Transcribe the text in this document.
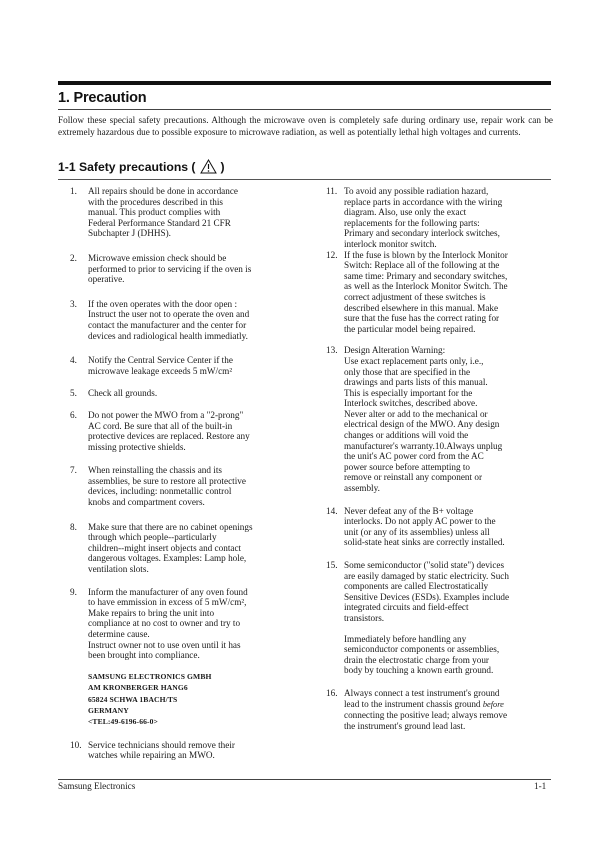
1. Precaution

Follow these special safety precautions. Although the microwave oven is completely safe during ordinary use, repair work can be extremely hazardous due to possible exposure to microwave radiation, as well as potentially lethal high voltages and currents.

1-1 Safety precautions ( )
1. All repairs should be done in accordance
with the procedures described in this
manual. This product complies with
Federal Performance Standard 21 CFR
Subchapter J (DHHS).
2. Microwave emission check should be
performed to prior to servicing if the oven is
operative.
3. If the oven operates with the door open :
Instruct the user not to operate the oven and
contact the manufacturer and the center for
devices and radiological health immediatly.
4. Notify the Central Service Center if the
microwave leakage exceeds 5 mW/cm²
5. Check all grounds.
6. Do not power the MWO from a "2-prong"
AC cord. Be sure that all of the built-in
protective devices are replaced. Restore any
missing protective shields.
7. When reinstalling the chassis and its
assemblies, be sure to restore all protective
devices, including: nonmetallic control
knobs and compartment covers.
8. Make sure that there are no cabinet openings
through which people--particularly
children--might insert objects and contact
dangerous voltages. Examples: Lamp hole,
ventilation slots.
9. Inform the manufacturer of any oven found
to have emmission in excess of 5 mW/cm²,
Make repairs to bring the unit into
compliance at no cost to owner and try to
determine cause.
Instruct owner not to use oven until it has
been brought into compliance.
SAMSUNG ELECTRONICS GMBH
AM KRONBERGER HANG6
65824 SCHWA 1BACH/TS
GERMANY
<TEL:49-6196-66-0>
10. Service technicians should remove their
watches while repairing an MWO.
11. To avoid any possible radiation hazard,
replace parts in accordance with the wiring
diagram. Also, use only the exact
replacements for the following parts:
Primary and secondary interlock switches,
interlock monitor switch.
12. If the fuse is blown by the Interlock Monitor
Switch: Replace all of the following at the
same time: Primary and secondary switches,
as well as the Interlock Monitor Switch. The
correct adjustment of these switches is
described elsewhere in this manual. Make
sure that the fuse has the correct rating for
the particular model being repaired.
13. Design Alteration Warning:
Use exact replacement parts only, i.e.,
only those that are specified in the
drawings and parts lists of this manual.
This is especially important for the
Interlock switches, described above.
Never alter or add to the mechanical or
electrical design of the MWO. Any design
changes or additions will void the
manufacturer's warranty.10.Always unplug
the unit's AC power cord from the AC
power source before attempting to
remove or reinstall any component or
assembly.
14. Never defeat any of the B+ voltage
interlocks. Do not apply AC power to the
unit (or any of its assemblies) unless all
solid-state heat sinks are correctly installed.
15. Some semiconductor ("solid state") devices
are easily damaged by static electricity. Such
components are called Electrostatically
Sensitive Devices (ESDs). Examples include
integrated circuits and field-effect
transistors.
Immediately before handling any
semiconductor components or assemblies,
drain the electrostatic charge from your
body by touching a known earth ground.
16. Always connect a test instrument's ground
lead to the instrument chassis ground before
connecting the positive lead; always remove
the instrument's ground lead last.
Samsung Electronics	1-1
